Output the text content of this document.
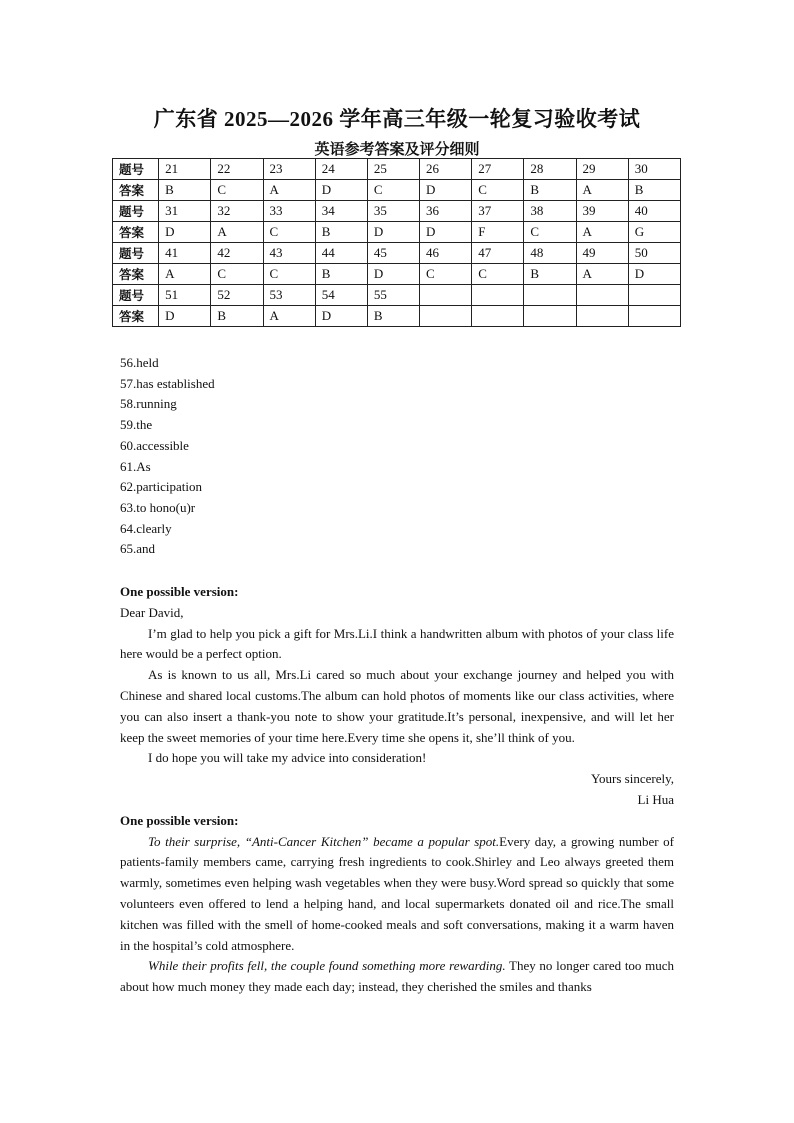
广东省 2025—2026 学年高三年级一轮复习验收考试
英语参考答案及评分细则
题号	21	22	23	24	25	26	27	28	29	30
答案	B	C	A	D	C	D	C	B	A	B
题号	31	32	33	34	35	36	37	38	39	40
答案	D	A	C	B	D	D	F	C	A	G
题号	41	42	43	44	45	46	47	48	49	50
答案	A	C	C	B	D	C	C	B	A	D
题号	51	52	53	54	55					
答案	D	B	A	D	B					
56.held
57.has established
58.running
59.the
60.accessible
61.As
62.participation
63.to hono(u)r
64.clearly
65.and

One possible version:

Dear David,

I’m glad to help you pick a gift for Mrs.Li.I think a handwritten album with photos of your class life here would be a perfect option.

As is known to us all, Mrs.Li cared so much about your exchange journey and helped you with Chinese and shared local customs.The album can hold photos of moments like our class activities, where you can also insert a thank-you note to show your gratitude.It’s personal, inexpensive, and will let her keep the sweet memories of your time here.Every time she opens it, she’ll think of you.

I do hope you will take my advice into consideration!

Yours sincerely,

Li Hua

One possible version:

To their surprise, “Anti-Cancer Kitchen” became a popular spot.Every day, a growing number of patients-family members came, carrying fresh ingredients to cook.Shirley and Leo always greeted them warmly, sometimes even helping wash vegetables when they were busy.Word spread so quickly that some volunteers even offered to lend a helping hand, and local supermarkets donated oil and rice.The small kitchen was filled with the smell of home-cooked meals and soft conversations, making it a warm haven in the hospital’s cold atmosphere.

While their profits fell, the couple found something more rewarding. They no longer cared too much about how much money they made each day; instead, they cherished the smiles and thanks
